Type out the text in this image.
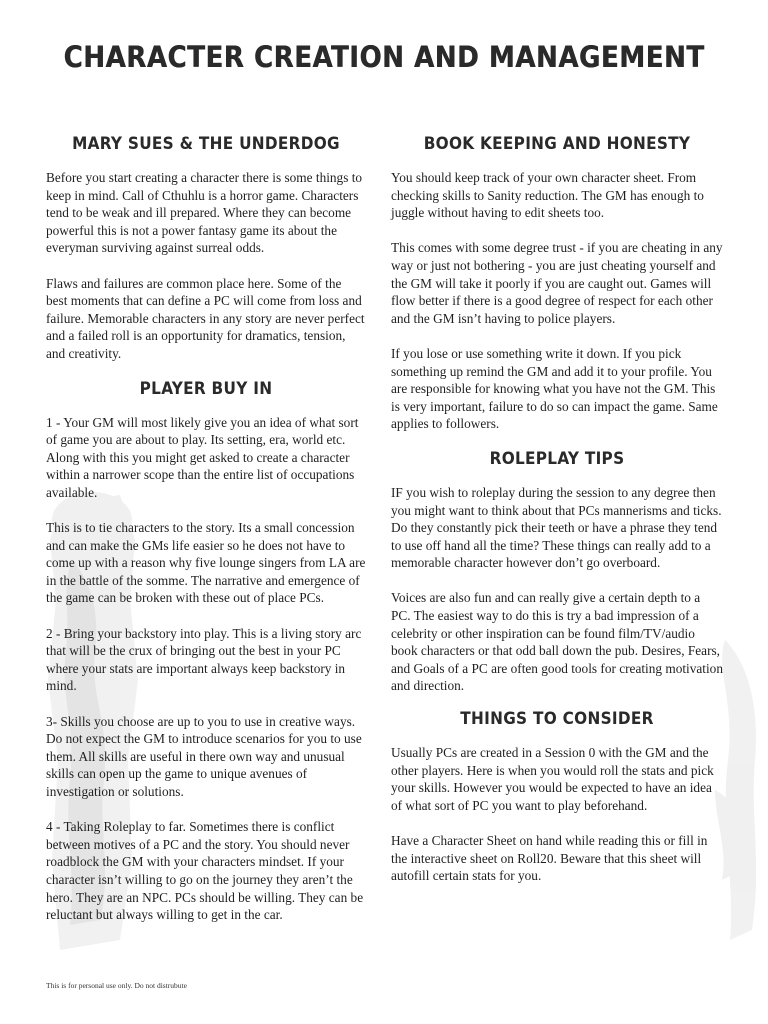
CHARACTER CREATION AND MANAGEMENT
MARY SUES & THE UNDERDOG

Before you start creating a character there is some things to keep in mind. Call of Cthuhlu is a horror game. Characters tend to be weak and ill prepared. Where they can become powerful this is not a power fantasy game its about the everyman surviving against surreal odds.

Flaws and failures are common place here. Some of the best moments that can define a PC will come from loss and failure. Memorable characters in any story are never perfect and a failed roll is an opportunity for dramatics, tension, and creativity.

PLAYER BUY IN

1 - Your GM will most likely give you an idea of what sort of game you are about to play. Its setting, era, world etc. Along with this you might get asked to create a character within a narrower scope than the entire list of occupations available.

This is to tie characters to the story. Its a small concession and can make the GMs life easier so he does not have to come up with a reason why five lounge singers from LA are in the battle of the somme. The narrative and emergence of the game can be broken with these out of place PCs.

2 - Bring your backstory into play. This is a living story arc that will be the crux of bringing out the best in your PC where your stats are important always keep backstory in mind.

3- Skills you choose are up to you to use in creative ways. Do not expect the GM to introduce scenarios for you to use them. All skills are useful in there own way and unusual skills can open up the game to unique avenues of investigation or solutions.

4 - Taking Roleplay to far. Sometimes there is conflict between motives of a PC and the story. You should never roadblock the GM with your characters mindset. If your character isn’t willing to go on the journey they aren’t the hero. They are an NPC. PCs should be willing. They can be reluctant but always willing to get in the car.

BOOK KEEPING AND HONESTY

You should keep track of your own character sheet. From checking skills to Sanity reduction. The GM has enough to juggle without having to edit sheets too.

This comes with some degree trust - if you are cheating in any way or just not bothering - you are just cheating yourself and the GM will take it poorly if you are caught out. Games will flow better if there is a good degree of respect for each other and the GM isn’t having to police players.

If you lose or use something write it down. If you pick something up remind the GM and add it to your profile. You are responsible for knowing what you have not the GM. This is very important, failure to do so can impact the game. Same applies to followers.

ROLEPLAY TIPS

IF you wish to roleplay during the session to any degree then you might want to think about that PCs mannerisms and ticks. Do they constantly pick their teeth or have a phrase they tend to use off hand all the time? These things can really add to a memorable character however don’t go overboard.

Voices are also fun and can really give a certain depth to a PC. The easiest way to do this is try a bad impression of a celebrity or other inspiration can be found film/TV/audio book characters or that odd ball down the pub. Desires, Fears, and Goals of a PC are often good tools for creating motivation and direction.

THINGS TO CONSIDER

Usually PCs are created in a Session 0 with the GM and the other players. Here is when you would roll the stats and pick your skills. However you would be expected to have an idea of what sort of PC you want to play beforehand.

Have a Character Sheet on hand while reading this or fill in the interactive sheet on Roll20. Beware that this sheet will autofill certain stats for you.

This is for personal use only. Do not distrubute
